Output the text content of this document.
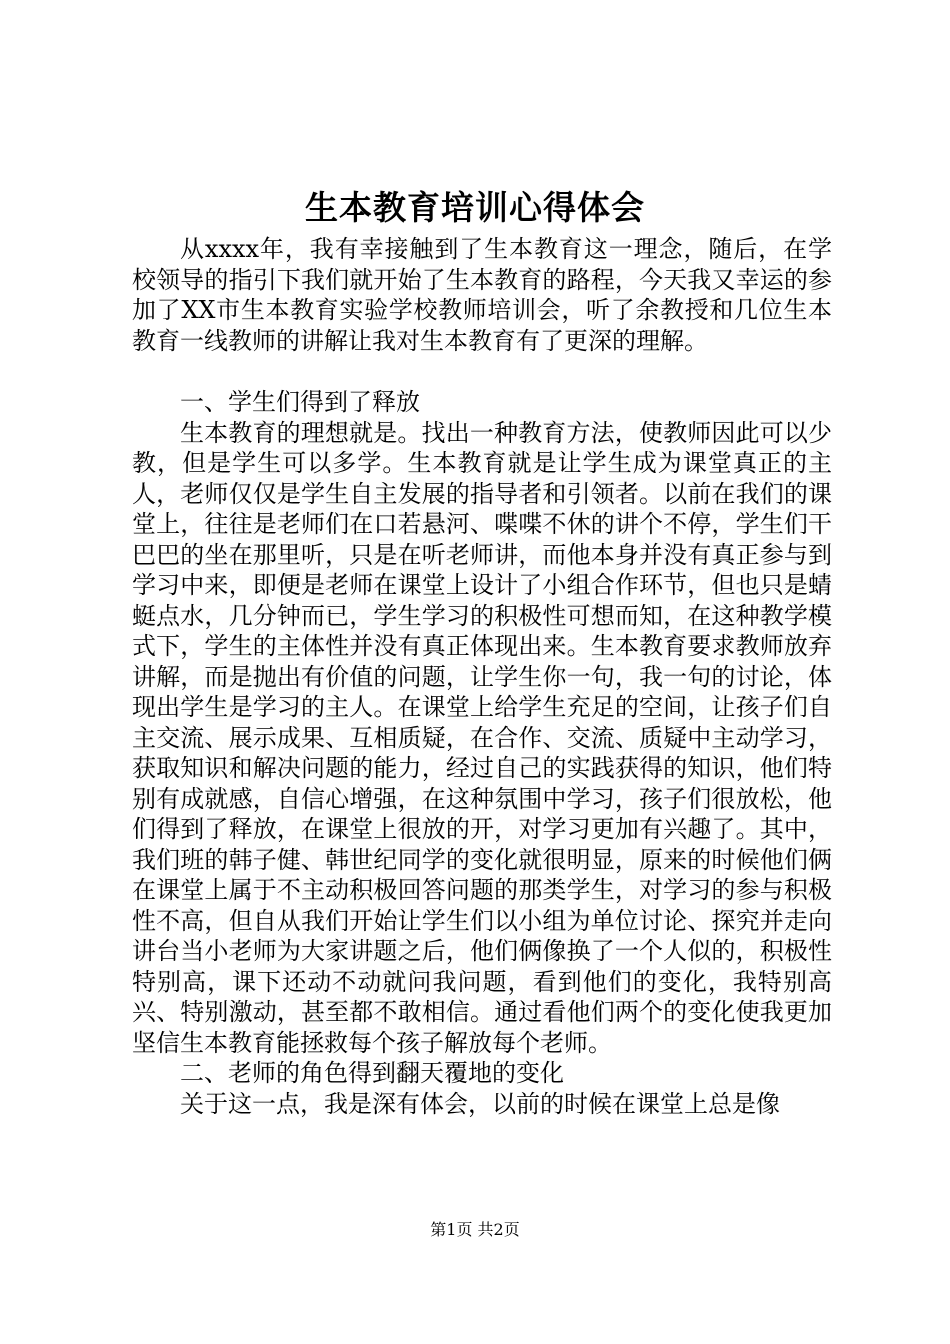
生本教育培训心得体会

从xxxx年，我有幸接触到了生本教育这一理念，随后，在学校领导的指引下我们就开始了生本教育的路程，今天我又幸运的参加了XX市生本教育实验学校教师培训会，听了余教授和几位生本教育一线教师的讲解让我对生本教育有了更深的理解。

一、学生们得到了释放

生本教育的理想就是。找出一种教育方法，使教师因此可以少教，但是学生可以多学。生本教育就是让学生成为课堂真正的主人，老师仅仅是学生自主发展的指导者和引领者。以前在我们的课堂上，往往是老师们在口若悬河、喋喋不休的讲个不停，学生们干巴巴的坐在那里听，只是在听老师讲，而他本身并没有真正参与到学习中来，即便是老师在课堂上设计了小组合作环节，但也只是蜻蜓点水，几分钟而已，学生学习的积极性可想而知，在这种教学模式下，学生的主体性并没有真正体现出来。生本教育要求教师放弃讲解，而是抛出有价值的问题，让学生你一句，我一句的讨论，体现出学生是学习的主人。在课堂上给学生充足的空间，让孩子们自主交流、展示成果、互相质疑，在合作、交流、质疑中主动学习，获取知识和解决问题的能力，经过自己的实践获得的知识，他们特别有成就感，自信心增强，在这种氛围中学习，孩子们很放松，他们得到了释放，在课堂上很放的开，对学习更加有兴趣了。其中，我们班的韩子健、韩世纪同学的变化就很明显，原来的时候他们俩在课堂上属于不主动积极回答问题的那类学生，对学习的参与积极性不高，但自从我们开始让学生们以小组为单位讨论、探究并走向讲台当小老师为大家讲题之后，他们俩像换了一个人似的，积极性特别高，课下还动不动就问我问题，看到他们的变化，我特别高兴、特别激动，甚至都不敢相信。通过看他们两个的变化使我更加坚信生本教育能拯救每个孩子解放每个老师。

二、老师的角色得到翻天覆地的变化

关于这一点，我是深有体会，以前的时候在课堂上总是像

第1页 共2页
